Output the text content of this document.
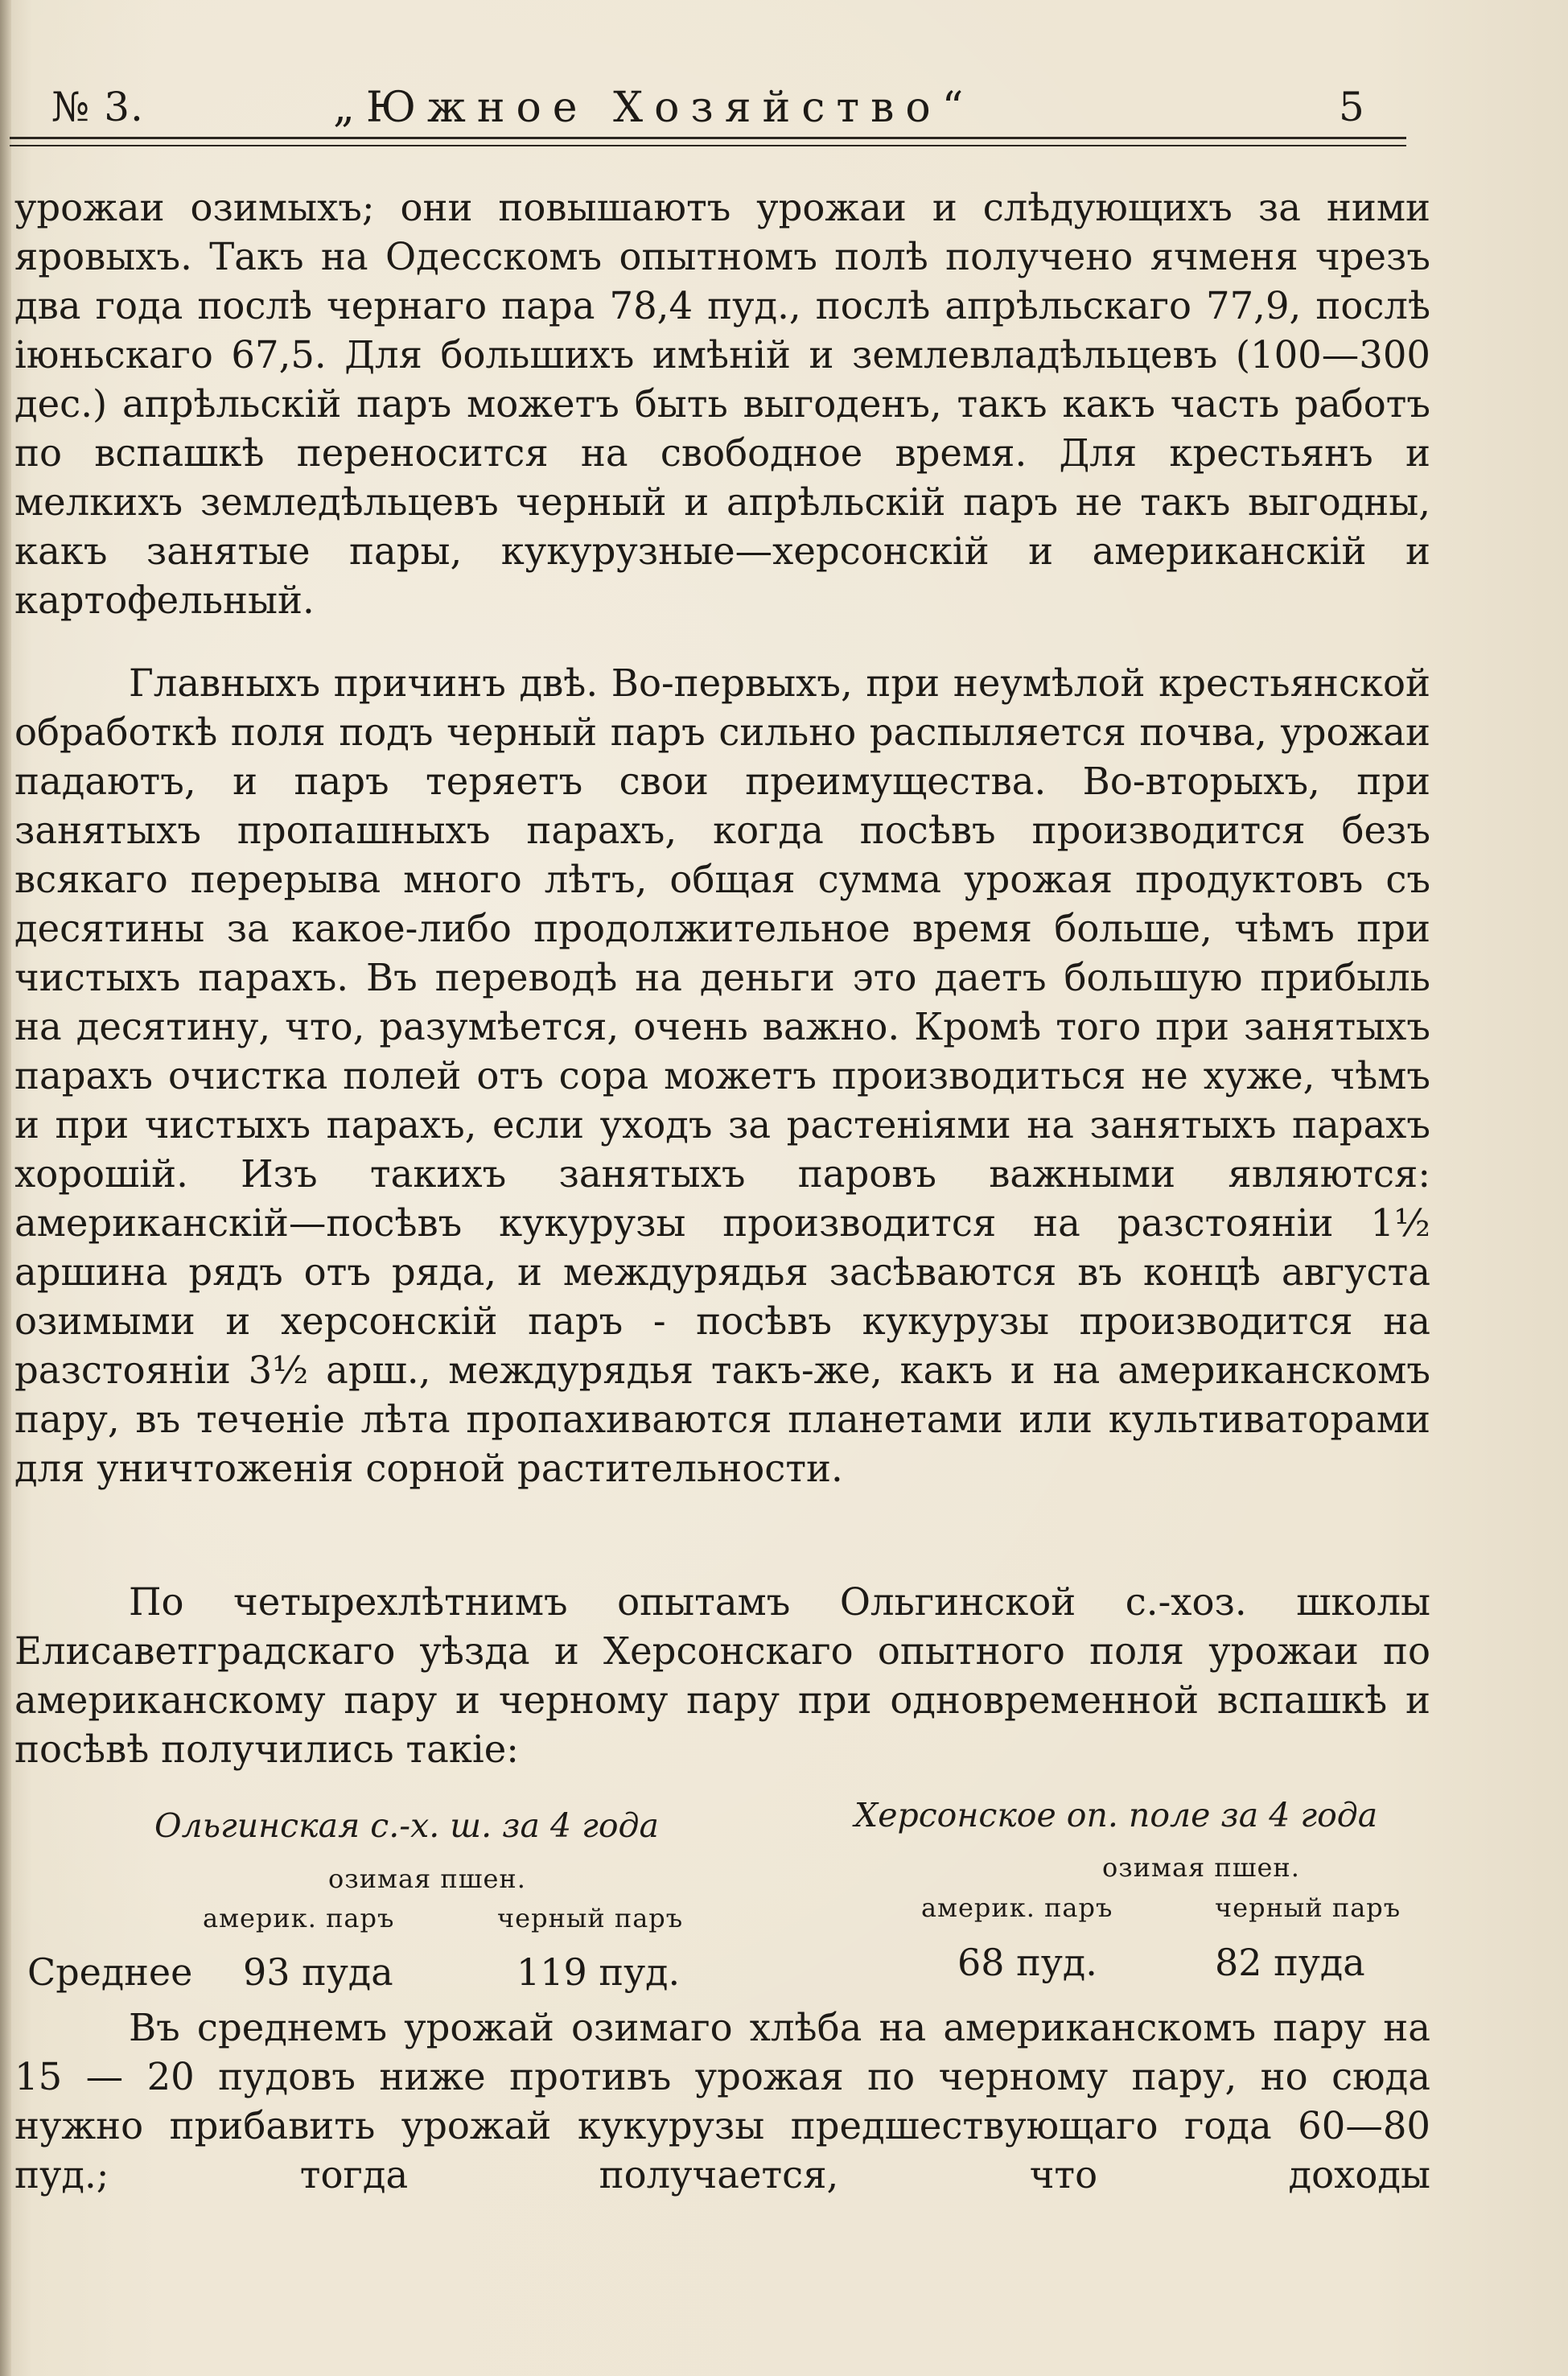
№ 3.	„Южное Хозяйство“	5
урожаи озимыхъ; они повышаютъ урожаи и слѣдующихъ за ними яровыхъ. Такъ на Одесскомъ опытномъ полѣ получено ячменя чрезъ два года послѣ чернаго пара 78,4 пуд., послѣ апрѣльскаго 77,9, послѣ іюньскаго 67,5. Для большихъ имѣній и землевладѣльцевъ (100—300 дес.) апрѣльскій паръ можетъ быть выгоденъ, такъ какъ часть работъ по вспашкѣ переносится на свободное время. Для крестьянъ и мелкихъ земледѣльцевъ черный и апрѣльскій паръ не такъ выгодны, какъ занятые пары, кукурузные—херсонскій и американскій и картофельный.
Главныхъ причинъ двѣ. Во-первыхъ, при неумѣлой крестьянской обработкѣ поля подъ черный паръ сильно распыляется почва, урожаи падаютъ, и паръ теряетъ свои преимущества. Во-вторыхъ, при занятыхъ пропашныхъ парахъ, когда посѣвъ производится безъ всякаго перерыва много лѣтъ, общая сумма урожая продуктовъ съ десятины за какое-либо продолжительное время больше, чѣмъ при чистыхъ парахъ. Въ переводѣ на деньги это даетъ большую прибыль на десятину, что, разумѣется, очень важно. Кромѣ того при занятыхъ парахъ очистка полей отъ сора можетъ производиться не хуже, чѣмъ и при чистыхъ парахъ, если уходъ за растеніями на занятыхъ парахъ хорошій. Изъ такихъ занятыхъ паровъ важными являются: американскій—посѣвъ кукурузы производится на разстояніи 1½ аршина рядъ отъ ряда, и междурядья засѣваются въ концѣ августа озимыми и херсонскій паръ - посѣвъ кукурузы производится на разстояніи 3½ арш., междурядья такъ-же, какъ и на американскомъ пару, въ теченіе лѣта пропахиваются планетами или культиваторами для уничтоженія сорной растительности.
По четырехлѣтнимъ опытамъ Ольгинской с.-хоз. школы Елисаветградскаго уѣзда и Херсонскаго опытного поля урожаи по американскому пару и черному пару при одновременной вспашкѣ и посѣвѣ получились такіе:
Ольгинская с.-х. ш. за 4 года	Херсонское оп. поле за 4 года
озимая пшен.
америк. паръ	черный паръ
озимая пшен.
америк. паръ	черный паръ
Среднее 93 пуда	119 пуд.	68 пуд.	82 пуда
Въ среднемъ урожай озимаго хлѣба на американскомъ пару на 15 — 20 пудовъ ниже противъ урожая по черному пару, но сюда нужно прибавить урожай кукурузы предшествующаго года 60—80 пуд.; тогда получается, что доходы
